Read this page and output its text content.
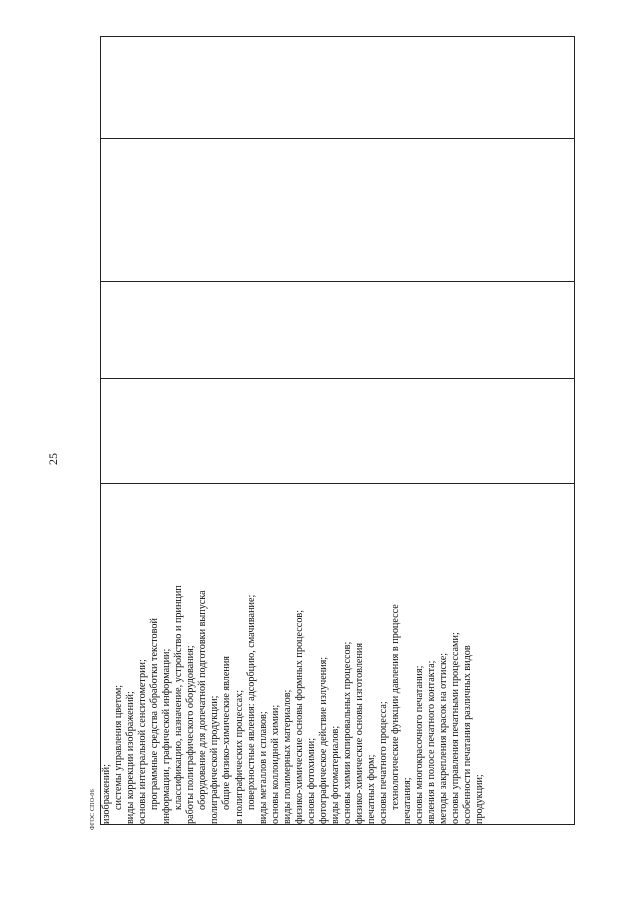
25
ФГОС СПО-06 изображений; системы управления цветом; виды коррекции изображений; основы интегральной сенситометрии; программные средства обработки текстовой информации, графической информации; классификацию, назначение, устройство и принцип работы полиграфического оборудования; оборудование для допечатной подготовки выпуска полиграфической продукции; общие физико-химические явления в полиграфических процессах; поверхностные явления: адсорбцию, смачивание; виды металлов и сплавов; основы коллоидной химии; виды полимерных материалов; физико-химические основы формных процессов; основы фотохимии; фотографическое действие излучения; виды фотоматериалов; основы химии копировальных процессов; физико-химические основы изготовления печатных форм; основы печатного процесса; технологические функции давления в процессе печатания; основы многокрасочного печатания; явления в полосе печатного контакта; методы закрепления красок на оттиске; основы управления печатными процессами; особенности печатания различных видов продукции;
